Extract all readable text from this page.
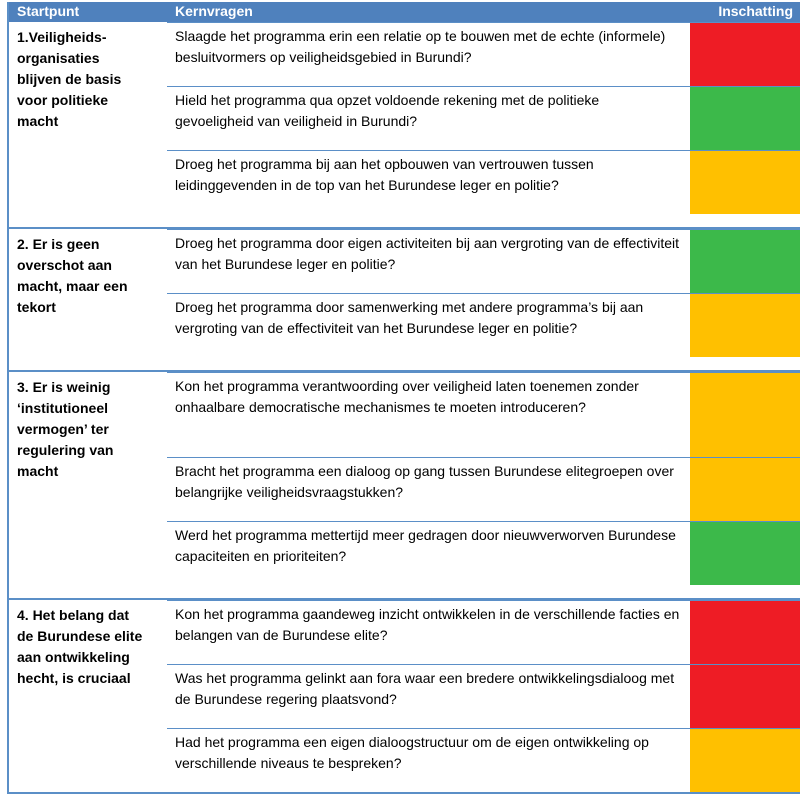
Startpunt	Kernvragen	Inschatting
1.Veiligheids-
organisaties
blijven de basis
voor politieke
macht
Slaagde het programma erin een relatie op te bouwen met de echte (informele) besluitvormers op veiligheidsgebied in Burundi?
Hield het programma qua opzet voldoende rekening met de politieke gevoeligheid van veiligheid in Burundi?
Droeg het programma bij aan het opbouwen van vertrouwen tussen leidinggevenden in de top van het Burundese leger en politie?
2. Er is geen
overschot aan
macht, maar een
tekort
Droeg het programma door eigen activiteiten bij aan vergroting van de effectiviteit van het Burundese leger en politie?
Droeg het programma door samenwerking met andere programma’s bij aan vergroting van de effectiviteit van het Burundese leger en politie?
3. Er is weinig
‘institutioneel
vermogen’ ter
regulering van
macht
Kon het programma verantwoording over veiligheid laten toenemen zonder onhaalbare democratische mechanismes te moeten introduceren?
Bracht het programma een dialoog op gang tussen Burundese elitegroepen over belangrijke veiligheidsvraagstukken?
Werd het programma mettertijd meer gedragen door nieuwverworven Burundese capaciteiten en prioriteiten?
4. Het belang dat
de Burundese elite
aan ontwikkeling
hecht, is cruciaal
Kon het programma gaandeweg inzicht ontwikkelen in de verschillende facties en belangen van de Burundese elite?
Was het programma gelinkt aan fora waar een bredere ontwikkelingsdialoog met de Burundese regering plaatsvond?
Had het programma een eigen dialoogstructuur om de eigen ontwikkeling op verschillende niveaus te bespreken?
